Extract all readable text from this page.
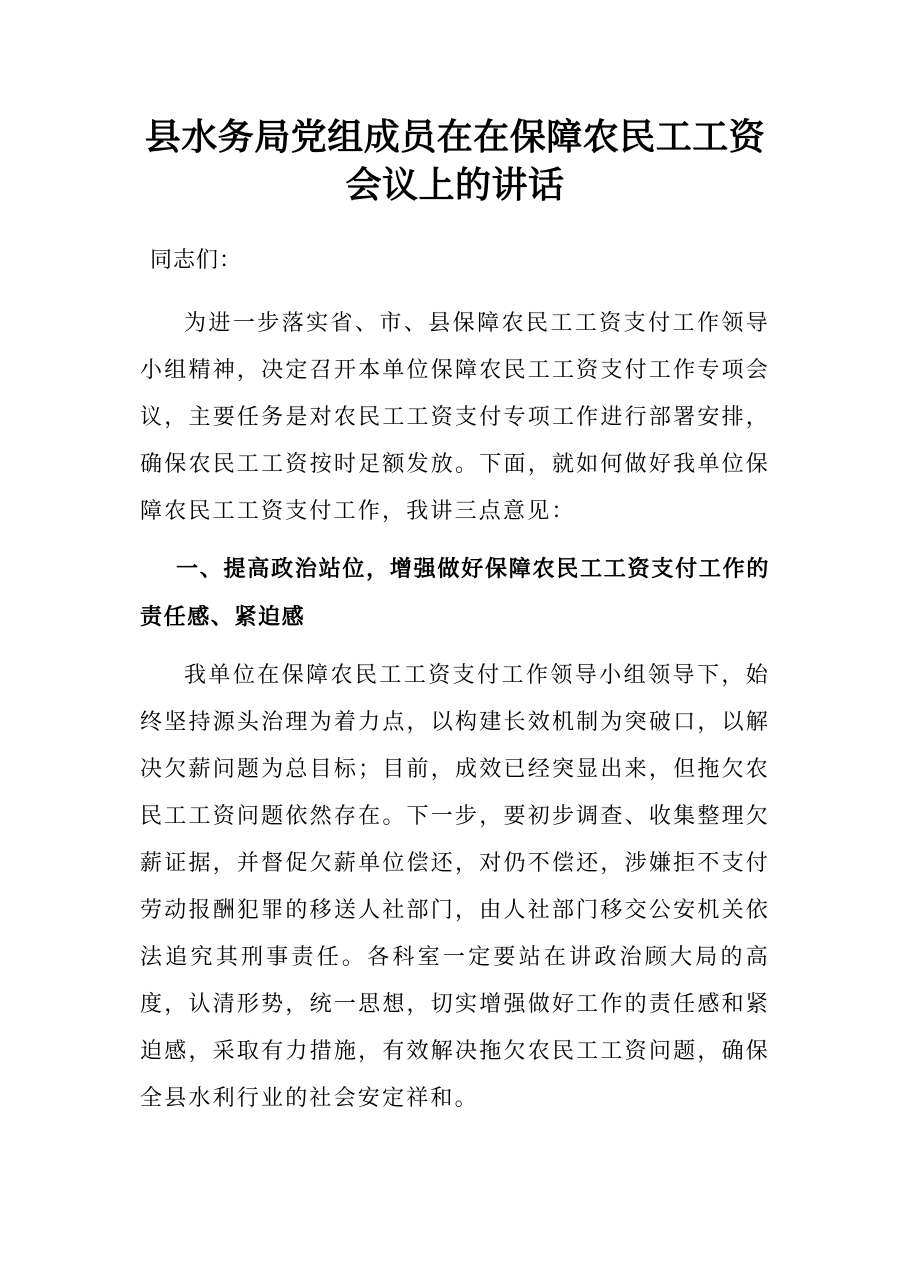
县水务局党组成员在在保障农民工工资会议上的讲话

同志们：

为进一步落实省、市、县保障农民工工资支付工作领导小组精神，决定召开本单位保障农民工工资支付工作专项会议，主要任务是对农民工工资支付专项工作进行部署安排，确保农民工工资按时足额发放。下面，就如何做好我单位保障农民工工资支付工作，我讲三点意见：

一、提高政治站位，增强做好保障农民工工资支付工作的责任感、紧迫感

我单位在保障农民工工资支付工作领导小组领导下，始终坚持源头治理为着力点，以构建长效机制为突破口，以解决欠薪问题为总目标；目前，成效已经突显出来，但拖欠农民工工资问题依然存在。下一步，要初步调查、收集整理欠薪证据，并督促欠薪单位偿还，对仍不偿还，涉嫌拒不支付劳动报酬犯罪的移送人社部门，由人社部门移交公安机关依法追究其刑事责任。各科室一定要站在讲政治顾大局的高度，认清形势，统一思想，切实增强做好工作的责任感和紧迫感，采取有力措施，有效解决拖欠农民工工资问题，确保全县水利行业的社会安定祥和。
